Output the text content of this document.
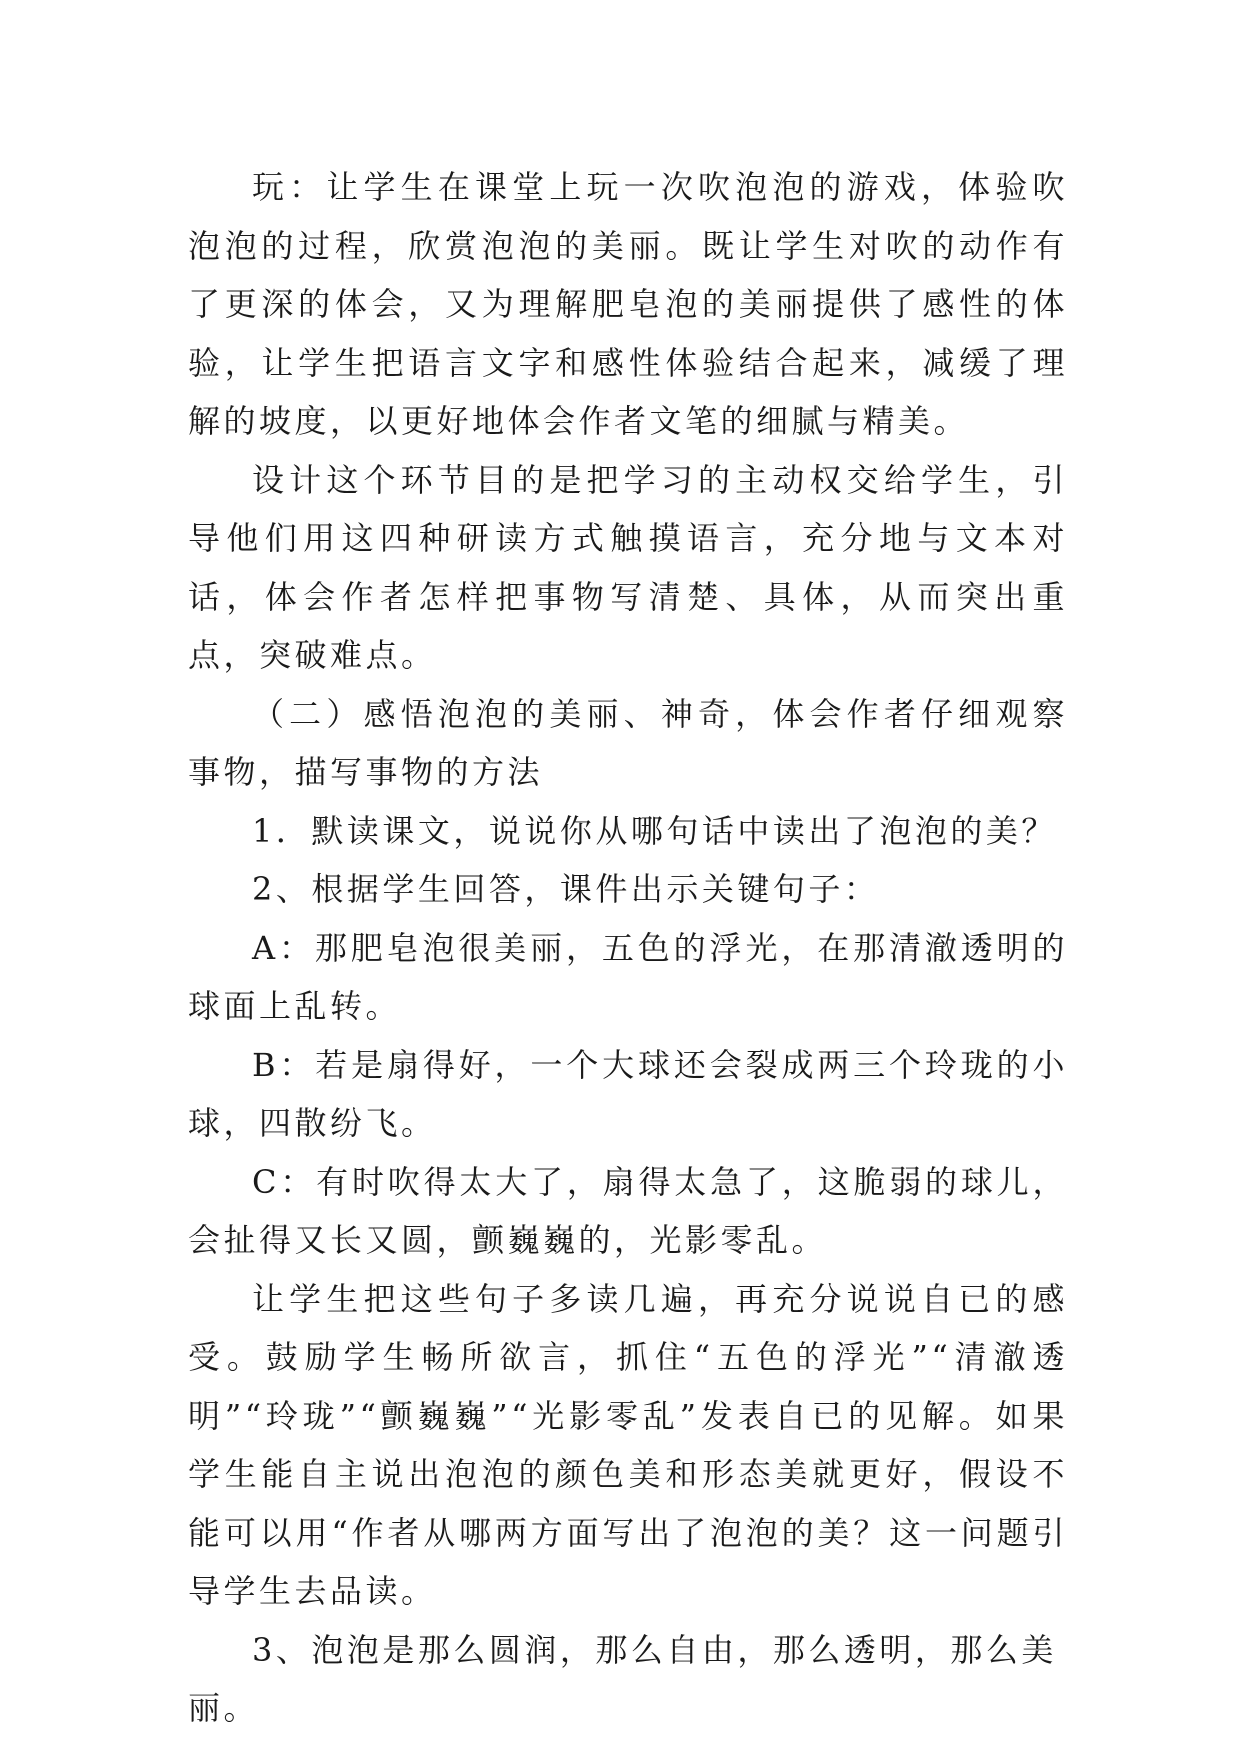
玩：让学生在课堂上玩一次吹泡泡的游戏，体验吹泡泡的过程，欣赏泡泡的美丽。既让学生对吹的动作有了更深的体会，又为理解肥皂泡的美丽提供了感性的体验，让学生把语言文字和感性体验结合起来，减缓了理解的坡度，以更好地体会作者文笔的细腻与精美。

设计这个环节目的是把学习的主动权交给学生，引导他们用这四种研读方式触摸语言，充分地与文本对话，体会作者怎样把事物写清楚、具体，从而突出重点，突破难点。

（二）感悟泡泡的美丽、神奇，体会作者仔细观察事物，描写事物的方法

1．默读课文，说说你从哪句话中读出了泡泡的美？

2、根据学生回答，课件出示关键句子：

A：那肥皂泡很美丽，五色的浮光，在那清澈透明的球面上乱转。

B：若是扇得好，一个大球还会裂成两三个玲珑的小球，四散纷飞。

C：有时吹得太大了，扇得太急了，这脆弱的球儿，会扯得又长又圆，颤巍巍的，光影零乱。

让学生把这些句子多读几遍，再充分说说自已的感受。鼓励学生畅所欲言，抓住“五色的浮光”“清澈透明”“玲珑”“颤巍巍”“光影零乱”发表自已的见解。如果学生能自主说出泡泡的颜色美和形态美就更好，假设不能可以用“作者从哪两方面写出了泡泡的美？这一问题引导学生去品读。

3、泡泡是那么圆润，那么自由，那么透明，那么美丽。
